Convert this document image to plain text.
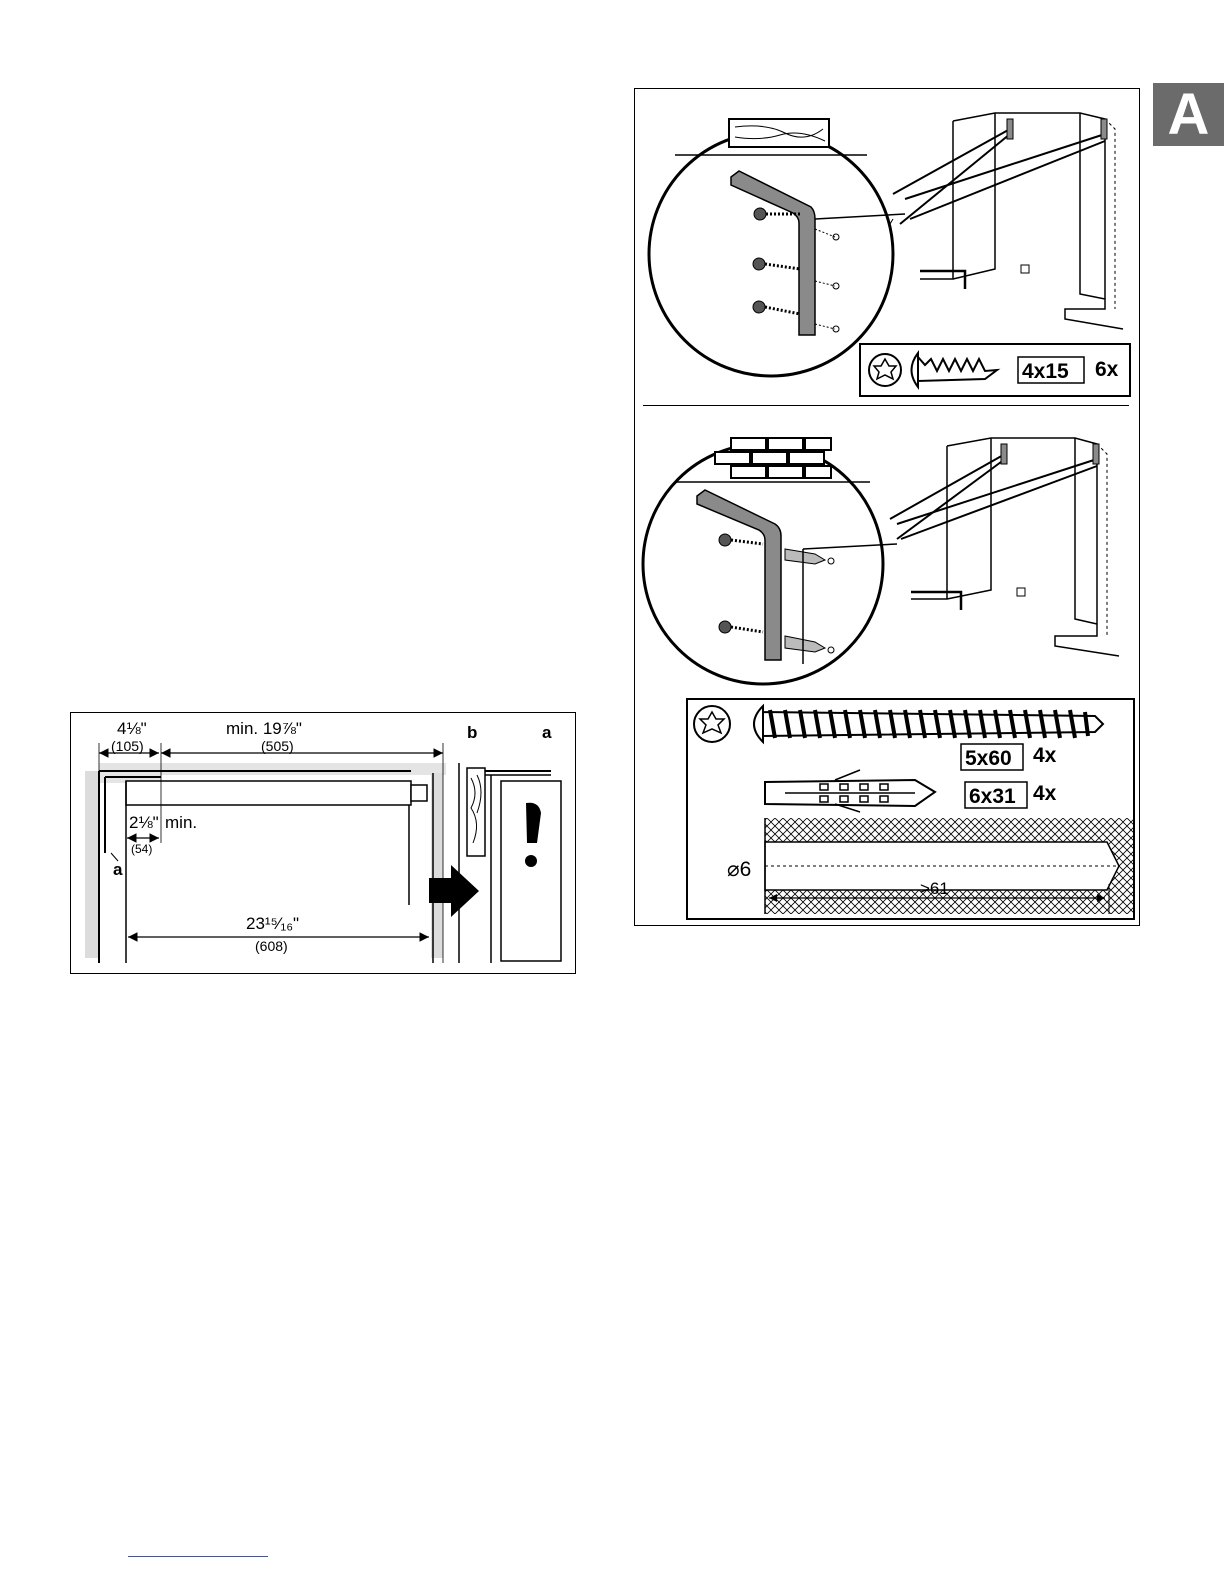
A
4⅛"
(105)
min. 19⅞"
(505)
2⅛" min.
(54)
23¹⁵⁄₁₆"
(608)
a
b	a
4x15 6x
5x60 4x
6x31 4x
⌀6
>61
